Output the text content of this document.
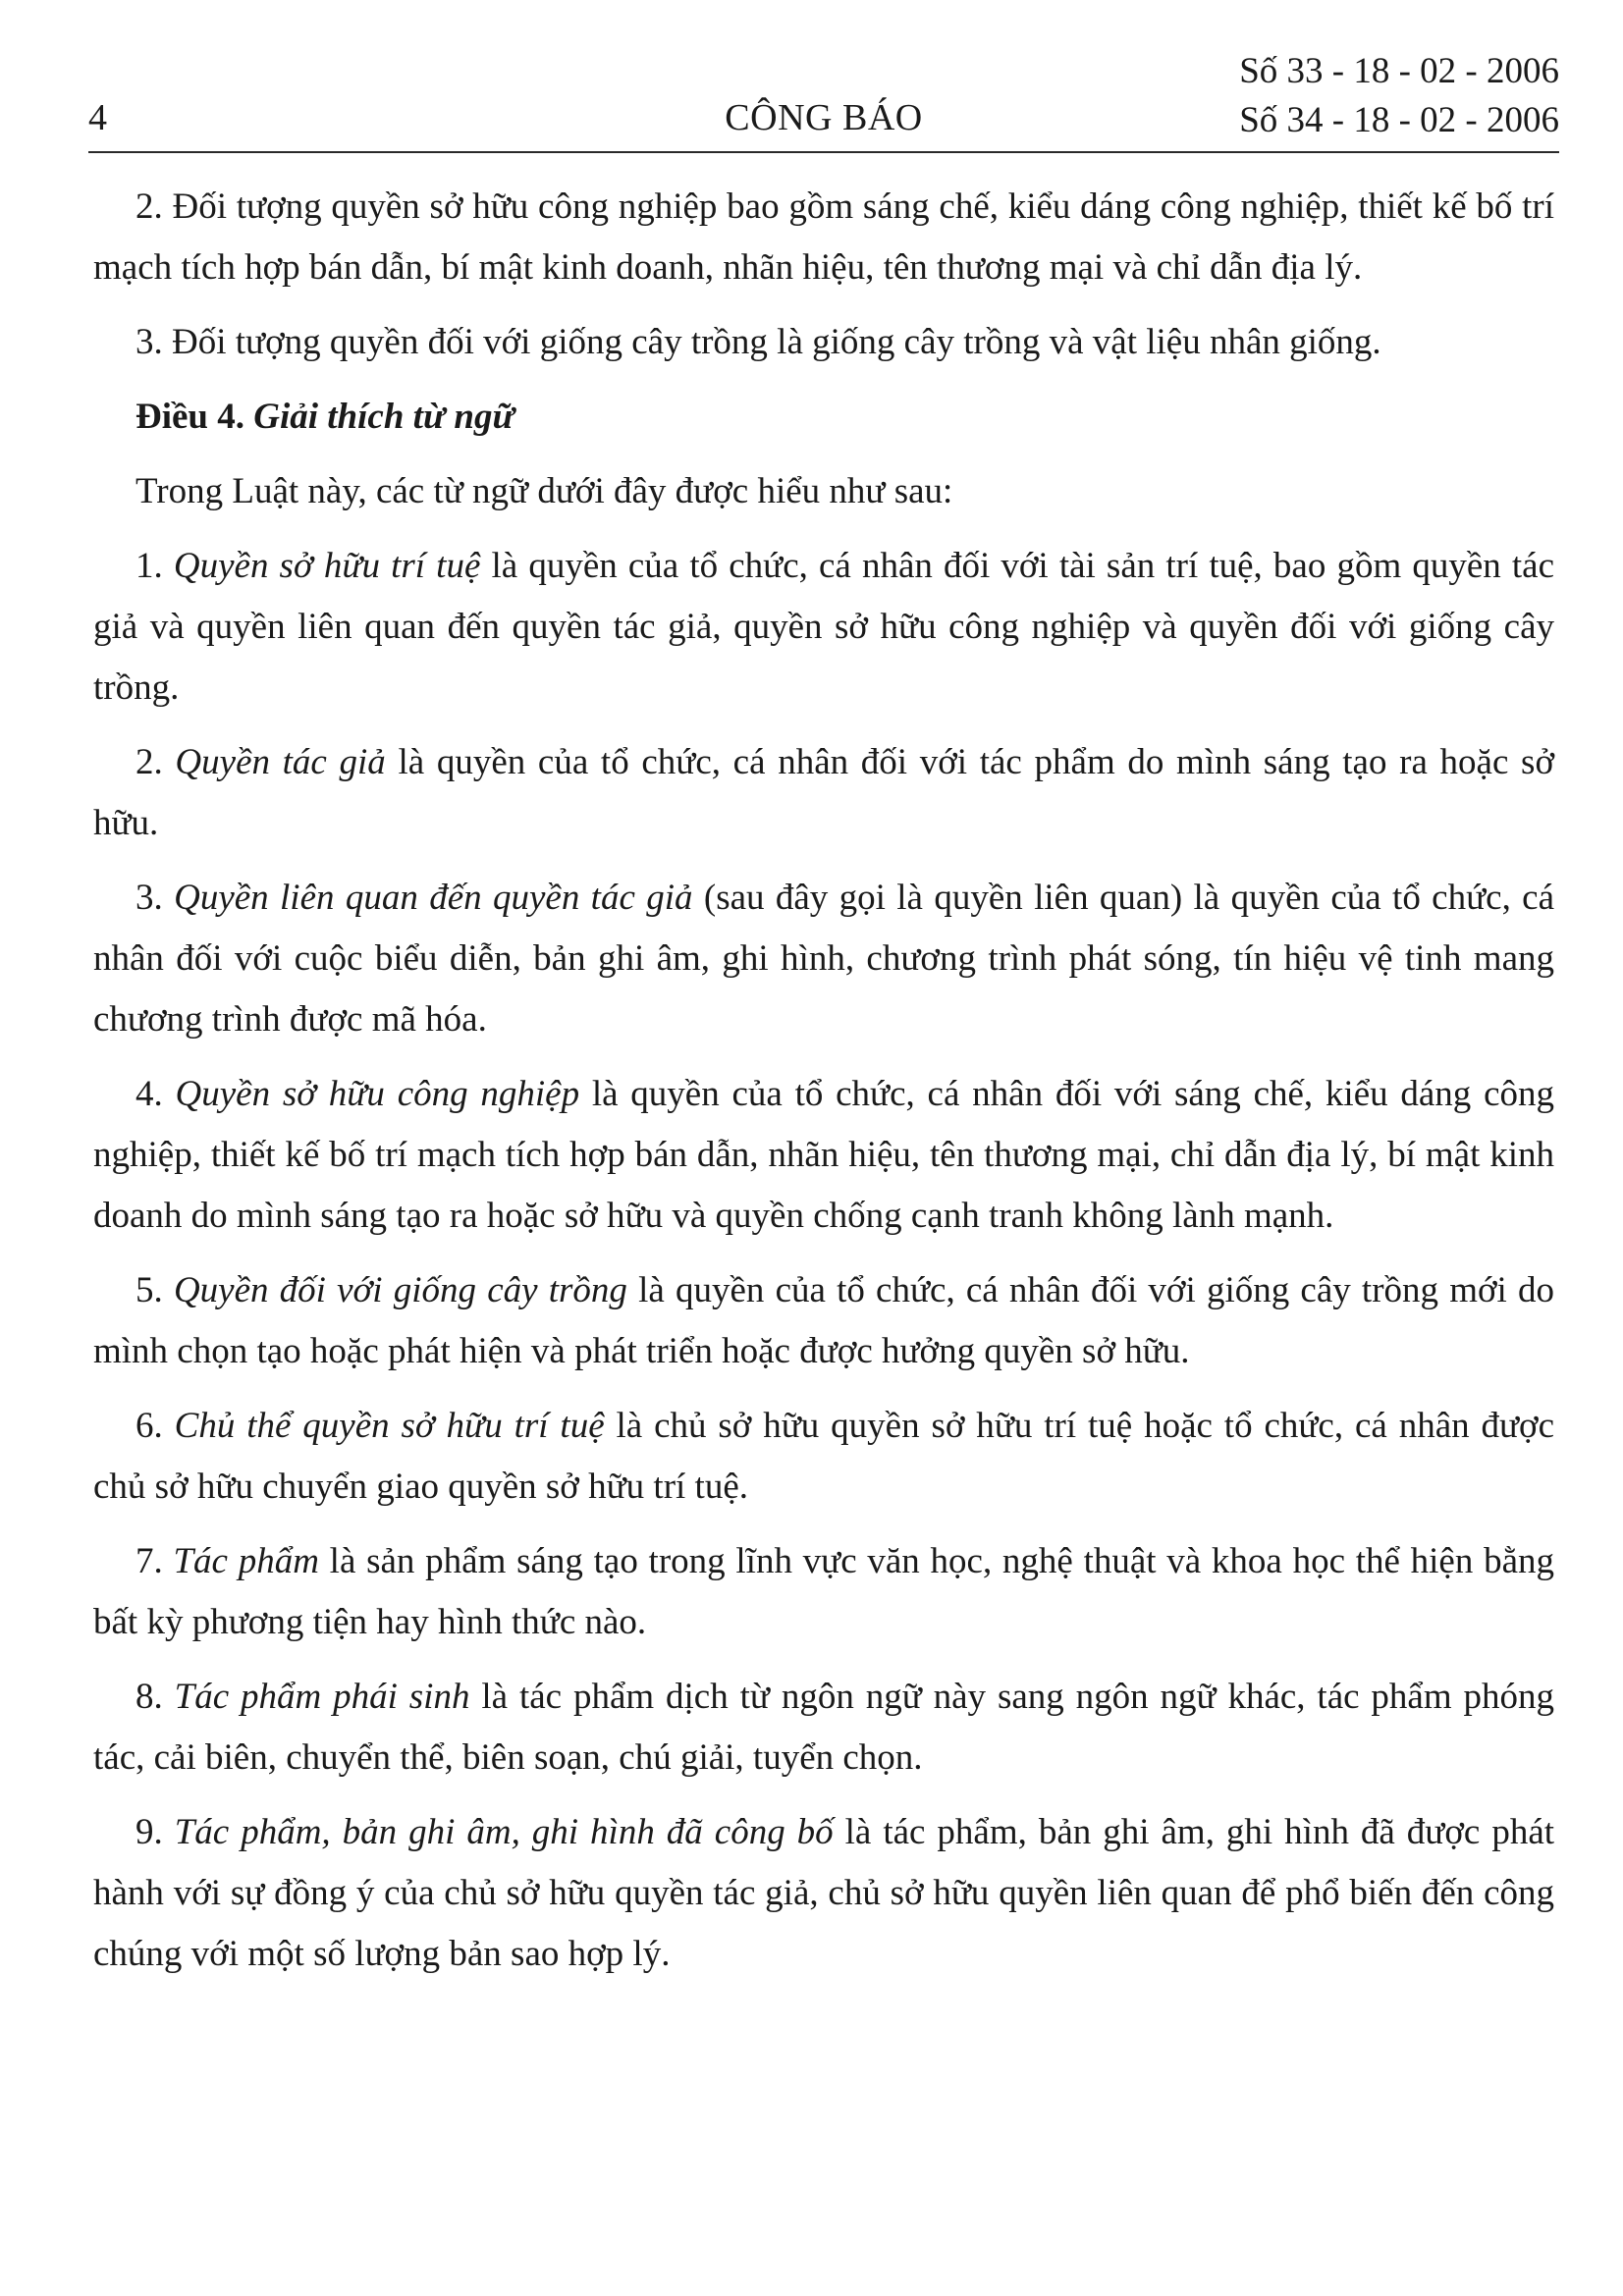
4	CÔNG BÁO
Số 33 - 18 - 02 - 2006
Số 34 - 18 - 02 - 2006

2. Đối tượng quyền sở hữu công nghiệp bao gồm sáng chế, kiểu dáng công nghiệp, thiết kế bố trí mạch tích hợp bán dẫn, bí mật kinh doanh, nhãn hiệu, tên thương mại và chỉ dẫn địa lý.

3. Đối tượng quyền đối với giống cây trồng là giống cây trồng và vật liệu nhân giống.

Điều 4. Giải thích từ ngữ

Trong Luật này, các từ ngữ dưới đây được hiểu như sau:

1. Quyền sở hữu trí tuệ là quyền của tổ chức, cá nhân đối với tài sản trí tuệ, bao gồm quyền tác giả và quyền liên quan đến quyền tác giả, quyền sở hữu công nghiệp và quyền đối với giống cây trồng.

2. Quyền tác giả là quyền của tổ chức, cá nhân đối với tác phẩm do mình sáng tạo ra hoặc sở hữu.

3. Quyền liên quan đến quyền tác giả (sau đây gọi là quyền liên quan) là quyền của tổ chức, cá nhân đối với cuộc biểu diễn, bản ghi âm, ghi hình, chương trình phát sóng, tín hiệu vệ tinh mang chương trình được mã hóa.

4. Quyền sở hữu công nghiệp là quyền của tổ chức, cá nhân đối với sáng chế, kiểu dáng công nghiệp, thiết kế bố trí mạch tích hợp bán dẫn, nhãn hiệu, tên thương mại, chỉ dẫn địa lý, bí mật kinh doanh do mình sáng tạo ra hoặc sở hữu và quyền chống cạnh tranh không lành mạnh.

5. Quyền đối với giống cây trồng là quyền của tổ chức, cá nhân đối với giống cây trồng mới do mình chọn tạo hoặc phát hiện và phát triển hoặc được hưởng quyền sở hữu.

6. Chủ thể quyền sở hữu trí tuệ là chủ sở hữu quyền sở hữu trí tuệ hoặc tổ chức, cá nhân được chủ sở hữu chuyển giao quyền sở hữu trí tuệ.

7. Tác phẩm là sản phẩm sáng tạo trong lĩnh vực văn học, nghệ thuật và khoa học thể hiện bằng bất kỳ phương tiện hay hình thức nào.

8. Tác phẩm phái sinh là tác phẩm dịch từ ngôn ngữ này sang ngôn ngữ khác, tác phẩm phóng tác, cải biên, chuyển thể, biên soạn, chú giải, tuyển chọn.

9. Tác phẩm, bản ghi âm, ghi hình đã công bố là tác phẩm, bản ghi âm, ghi hình đã được phát hành với sự đồng ý của chủ sở hữu quyền tác giả, chủ sở hữu quyền liên quan để phổ biến đến công chúng với một số lượng bản sao hợp lý.
